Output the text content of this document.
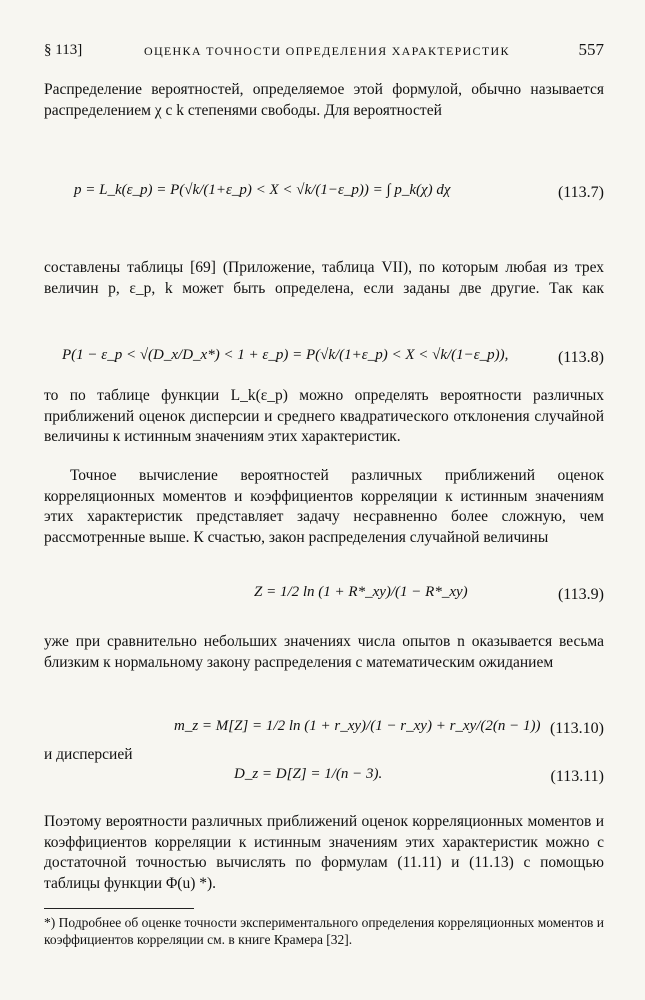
§ 113]	ОЦЕНКА ТОЧНОСТИ ОПРЕДЕЛЕНИЯ ХАРАКТЕРИСТИК	557

Распределение вероятностей, определяемое этой формулой, обычно называется распределением χ с k степенями свободы. Для вероятностей

p = L_k(ε_p) = P(√k/(1+ε_p) < Χ < √k/(1−ε_p)) = ∫ p_k(χ) dχ	(113.7)

составлены таблицы [69] (Приложение, таблица VII), по которым любая из трех величин p, ε_p, k может быть определена, если заданы две другие. Так как

P(1 − ε_p < √(D_x/D_x*) < 1 + ε_p) = P(√k/(1+ε_p) < Χ < √k/(1−ε_p)),	(113.8)

то по таблице функции L_k(ε_p) можно определять вероятности различных приближений оценок дисперсии и среднего квадратического отклонения случайной величины к истинным значениям этих характеристик.

Точное вычисление вероятностей различных приближений оценок корреляционных моментов и коэффициентов корреляции к истинным значениям этих характеристик представляет задачу несравненно более сложную, чем рассмотренные выше. К счастью, закон распределения случайной величины

Z = 1/2 ln (1 + R*_xy)/(1 − R*_xy)	(113.9)

уже при сравнительно небольших значениях числа опытов n оказывается весьма близким к нормальному закону распределения с математическим ожиданием

m_z = M[Z] = 1/2 ln (1 + r_xy)/(1 − r_xy) + r_xy/(2(n − 1)) (113.10)

и дисперсией

D_z = D[Z] = 1/(n − 3).	(113.11)

Поэтому вероятности различных приближений оценок корреляционных моментов и коэффициентов корреляции к истинным значениям этих характеристик можно с достаточной точностью вычислять по формулам (11.11) и (11.13) с помощью таблицы функции Φ(u) *).

*) Подробнее об оценке точности экспериментального определения корреляционных моментов и коэффициентов корреляции см. в книге Крамера [32].
